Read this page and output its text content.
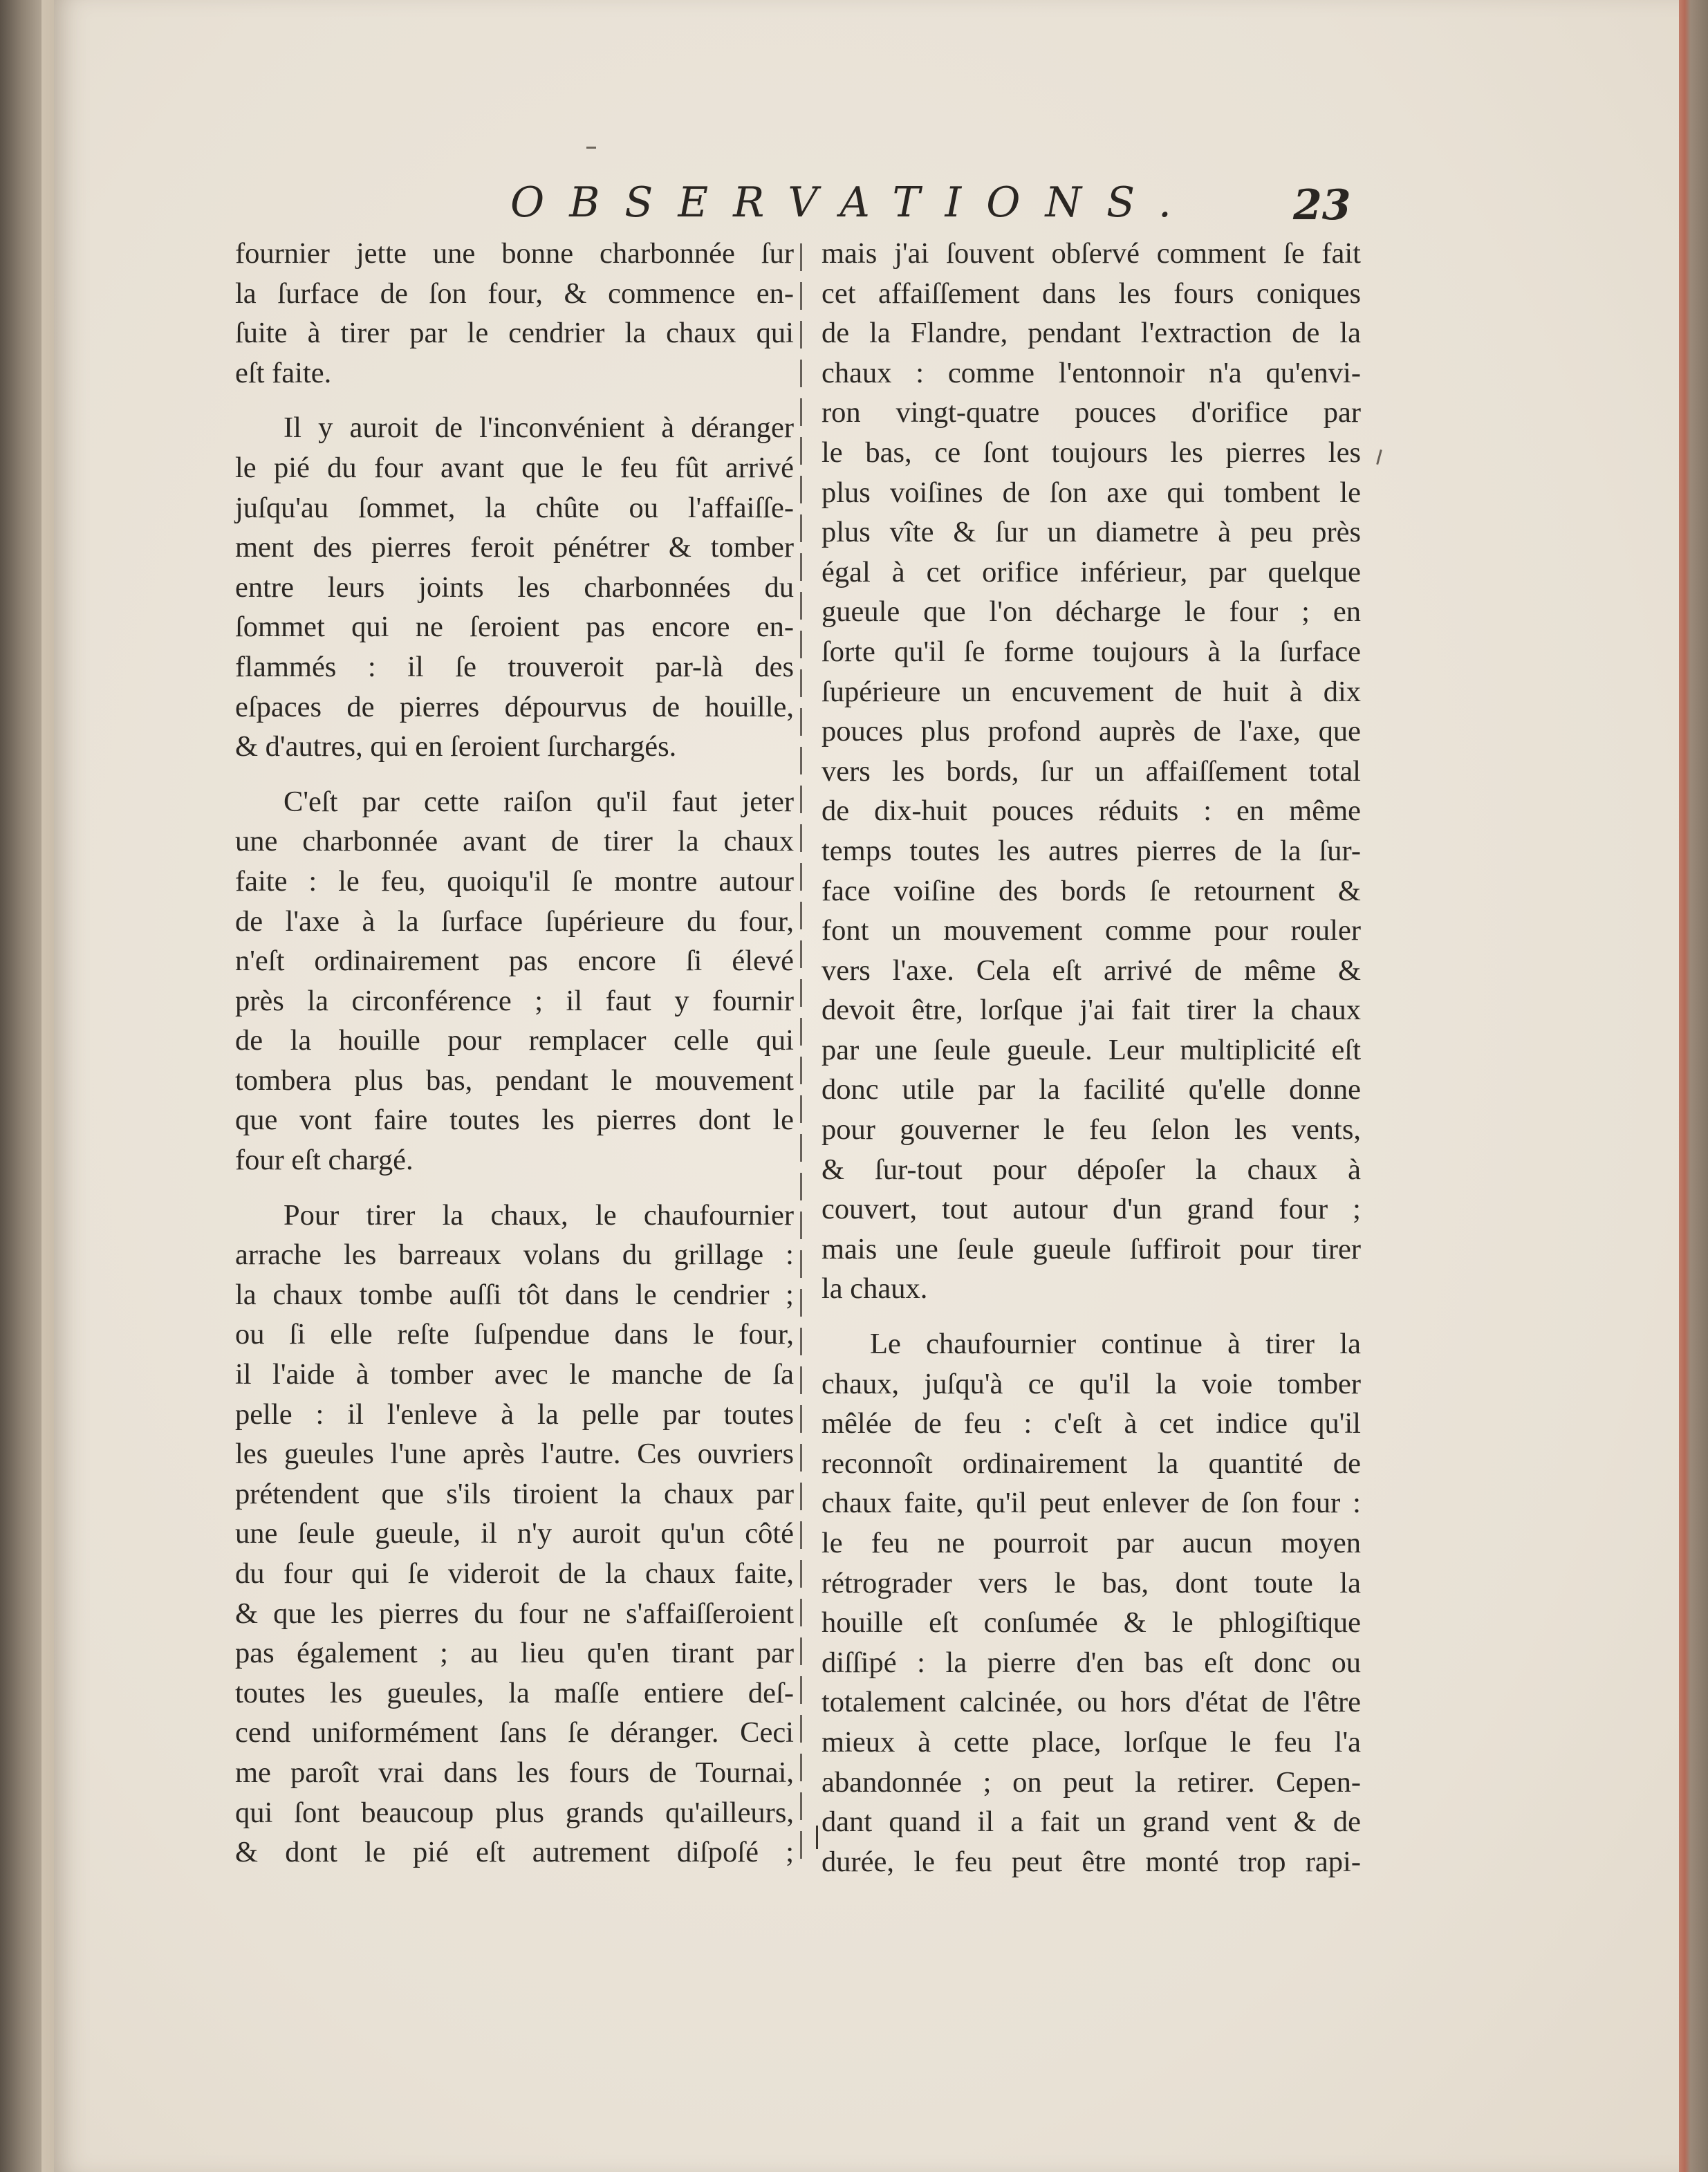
OBSERVATIONS. 23
fournier jette une bonne charbonnée ſur
la ſurface de ſon four, & commence en-
ſuite à tirer par le cendrier la chaux qui
eſt faite.
Il y auroit de l'inconvénient à déranger
le pié du four avant que le feu fût arrivé
juſqu'au ſommet, la chûte ou l'affaiſſe-
ment des pierres feroit pénétrer & tomber
entre leurs joints les charbonnées du
ſommet qui ne ſeroient pas encore en-
flammés : il ſe trouveroit par-là des
eſpaces de pierres dépourvus de houille,
& d'autres, qui en ſeroient ſurchargés.
C'eſt par cette raiſon qu'il faut jeter
une charbonnée avant de tirer la chaux
faite : le feu, quoiqu'il ſe montre autour
de l'axe à la ſurface ſupérieure du four,
n'eſt ordinairement pas encore ſi élevé
près la circonférence ; il faut y fournir
de la houille pour remplacer celle qui
tombera plus bas, pendant le mouvement
que vont faire toutes les pierres dont le
four eſt chargé.
Pour tirer la chaux, le chaufournier
arrache les barreaux volans du grillage :
la chaux tombe auſſi tôt dans le cendrier ;
ou ſi elle reſte ſuſpendue dans le four,
il l'aide à tomber avec le manche de ſa
pelle : il l'enleve à la pelle par toutes
les gueules l'une après l'autre. Ces ouvriers
prétendent que s'ils tiroient la chaux par
une ſeule gueule, il n'y auroit qu'un côté
du four qui ſe videroit de la chaux faite,
& que les pierres du four ne s'affaiſſeroient
pas également ; au lieu qu'en tirant par
toutes les gueules, la maſſe entiere deſ-
cend uniformément ſans ſe déranger. Ceci
me paroît vrai dans les fours de Tournai,
qui ſont beaucoup plus grands qu'ailleurs,
& dont le pié eſt autrement diſpoſé ;
mais j'ai ſouvent obſervé comment ſe fait
cet affaiſſement dans les fours coniques
de la Flandre, pendant l'extraction de la
chaux : comme l'entonnoir n'a qu'envi-
ron vingt-quatre pouces d'orifice par
le bas, ce ſont toujours les pierres les
plus voiſines de ſon axe qui tombent le
plus vîte & ſur un diametre à peu près
égal à cet orifice inférieur, par quelque
gueule que l'on décharge le four ; en
ſorte qu'il ſe forme toujours à la ſurface
ſupérieure un encuvement de huit à dix
pouces plus profond auprès de l'axe, que
vers les bords, ſur un affaiſſement total
de dix-huit pouces réduits : en même
temps toutes les autres pierres de la ſur-
face voiſine des bords ſe retournent &
font un mouvement comme pour rouler
vers l'axe. Cela eſt arrivé de même &
devoit être, lorſque j'ai fait tirer la chaux
par une ſeule gueule. Leur multiplicité eſt
donc utile par la facilité qu'elle donne
pour gouverner le feu ſelon les vents,
& ſur-tout pour dépoſer la chaux à
couvert, tout autour d'un grand four ;
mais une ſeule gueule ſuffiroit pour tirer
la chaux.
Le chaufournier continue à tirer la
chaux, juſqu'à ce qu'il la voie tomber
mêlée de feu : c'eſt à cet indice qu'il
reconnoît ordinairement la quantité de
chaux faite, qu'il peut enlever de ſon four :
le feu ne pourroit par aucun moyen
rétrograder vers le bas, dont toute la
houille eſt conſumée & le phlogiſtique
diſſipé : la pierre d'en bas eſt donc ou
totalement calcinée, ou hors d'état de l'être
mieux à cette place, lorſque le feu l'a
abandonnée ; on peut la retirer. Cepen-
dant quand il a fait un grand vent & de
durée, le feu peut être monté trop rapi-
